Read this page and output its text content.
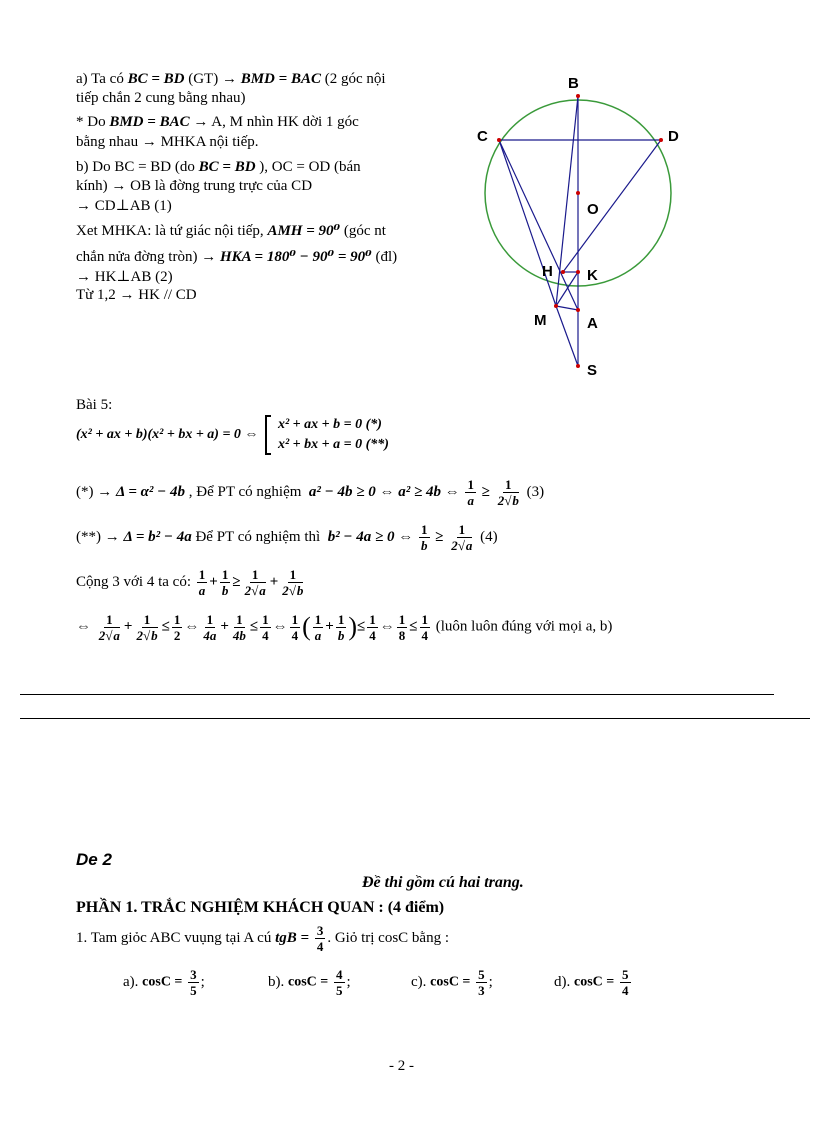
a) Ta có BC = BD (GT) → BMD = BAC (2 góc nội
tiếp chắn 2 cung bằng nhau)
* Do BMD = BAC → A, M nhìn HK dời 1 góc
bằng nhau → MHKA nội tiếp.
b) Do BC = BD (do BC = BD ), OC = OD (bán
kính) → OB là đờng trung trực của CD
→ CD⊥AB (1)
Xet MHKA: là tứ giác nội tiếp, AMH = 90⁰ (góc nt
chắn nửa đờng tròn) → HKA = 180⁰ − 90⁰ = 90⁰ (đl)
→ HK⊥AB (2)
Từ 1,2 → HK // CD
B
C	D
O
H K
M	A
S
Bài 5:
(x² + ax + b)(x² + bx + a) = 0 ⇔  x² + ax + b = 0 (*)
x² + bx + a = 0 (**)
(*) → Δ = α² − 4b , Để PT có nghiệm a² − 4b ≥ 0 ⇔ a² ≥ 4b ⇔ $\frac{1}{a} \ge \frac{1}{2√b} (3)$
(**) → Δ = b² − 4a Để PT có nghiệm thì b² − 4a ≥ 0 ⇔ $\frac{1}{b} \ge \frac{1}{2√a} (4)$
Cộng 3 với 4 ta có: $\frac{1}{a} + \frac{1}{b} \ge \frac{1}{2√a} + \frac{1}{2√b}$
⇔ $\frac{1}{2√a} + \frac{1}{2√b} \le \frac{1}{2}$ ⇔ $\frac{1}{4a} + \frac{1}{4b} \le \frac{1}{4}$ ⇔ $\frac{1}{4}$ ( $\frac{1}{a} + \frac{1}{b}$ )≤ $\frac{1}{4}$ ⇔ $\frac{1}{8} \le \frac{1}{4}$ (luôn luôn đúng với mọi a, b)
De 2
Đề thi gồm cú hai trang.
PHẦN 1. TRẮC NGHIỆM KHÁCH QUAN : (4 điểm)
1. Tam giỏc ABC vuụng tại A cú tgB = $\frac{3}{4}$ . Giỏ trị cosC bằng :
a). $\cos C = \frac{3}{5}$ ;	b). $\cos C = \frac{4}{5}$ ;	c). $\cos C = \frac{5}{3}$ ;	d). $\cos C = \frac{5}{4}$
- 2 -
